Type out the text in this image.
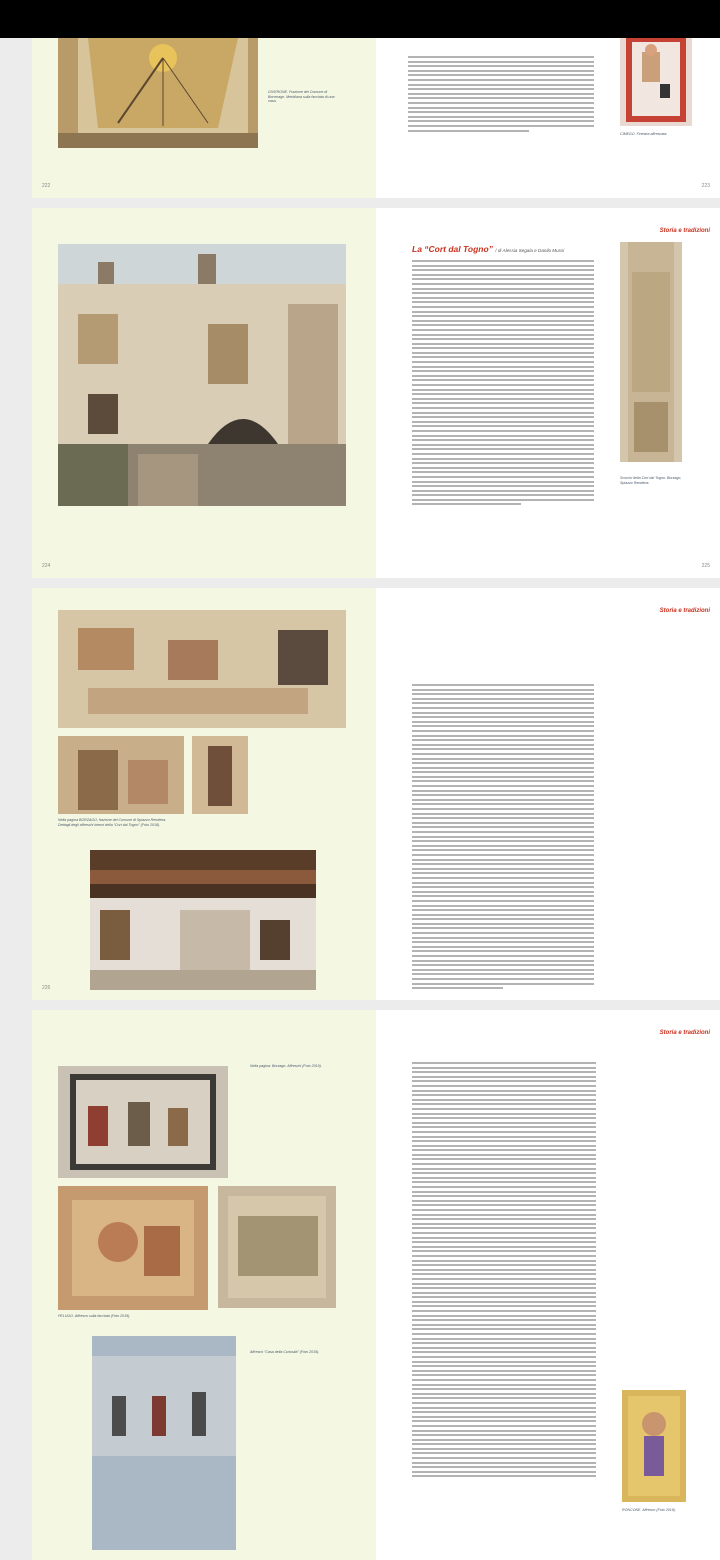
GIVERONE. Frazione del Comune di Bocenago. Meridiana sulla facciata di una casa.
222
CIMEGO. Finestra affrescata.
223
224
Storia e tradizioni
La “Cort dal Togno” / di Alessia Segala e Danilo Mussi
Scorcio della Cort dal Togno. Borzago, Spiazzo Rendena.
225
Nella pagina BORZAGO, frazione del Comune di Spiazzo Rendena. Dettagli degli affreschi interni della “Cort dal Togno” (Foto 2018).
226
Storia e tradizioni
Nella pagina: Borzago. Affreschi (Foto 2019).
PELUGO. Affresco sulla facciata (Foto 2019).
Affresco “Casa della Curiosità” (Foto 2019).
Storia e tradizioni
RONCONE. Affresco (Foto 2019).
